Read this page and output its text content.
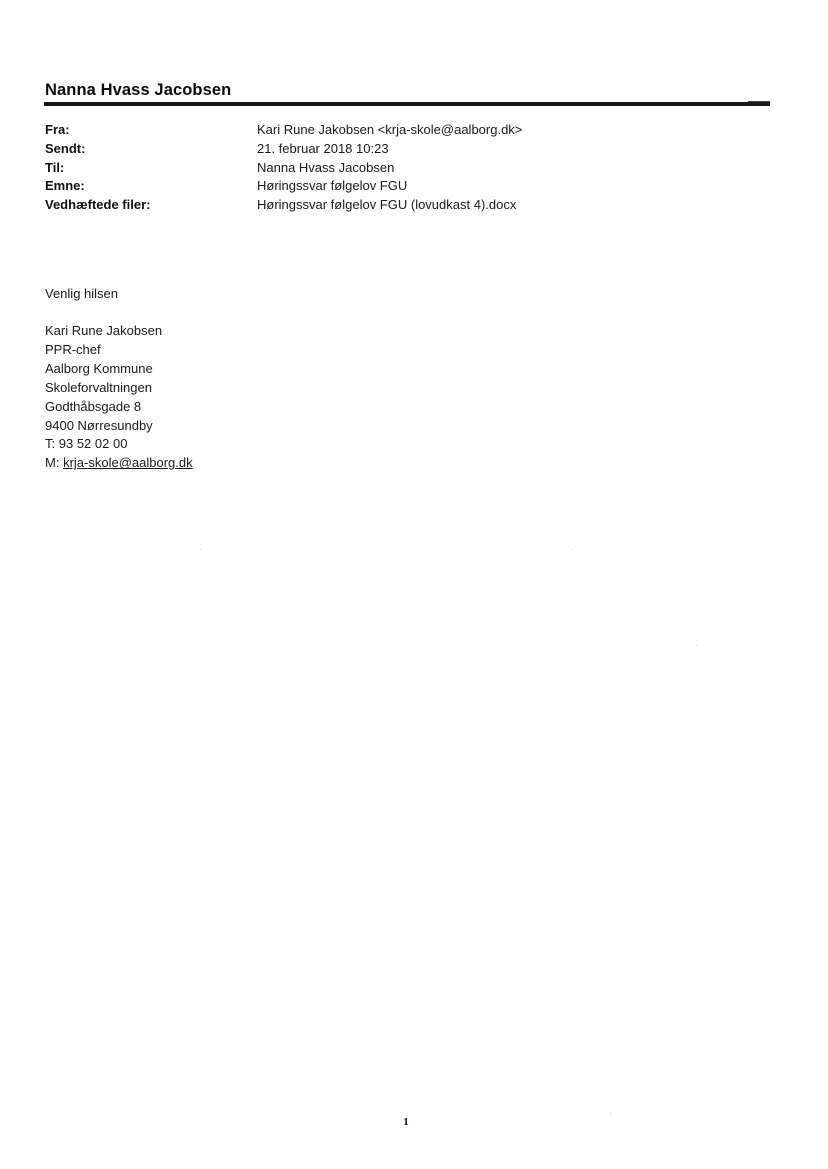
Nanna Hvass Jacobsen
Fra:	Kari Rune Jakobsen <krja-skole@aalborg.dk>
Sendt:	21. februar 2018 10:23
Til:	Nanna Hvass Jacobsen
Emne:	Høringssvar følgelov FGU
Vedhæftede filer:	Høringssvar følgelov FGU (lovudkast 4).docx
Venlig hilsen
Kari Rune Jakobsen
PPR-chef
Aalborg Kommune
Skoleforvaltningen
Godthåbsgade 8
9400 Nørresundby
T: 93 52 02 00
M: krja-skole@aalborg.dk
1
